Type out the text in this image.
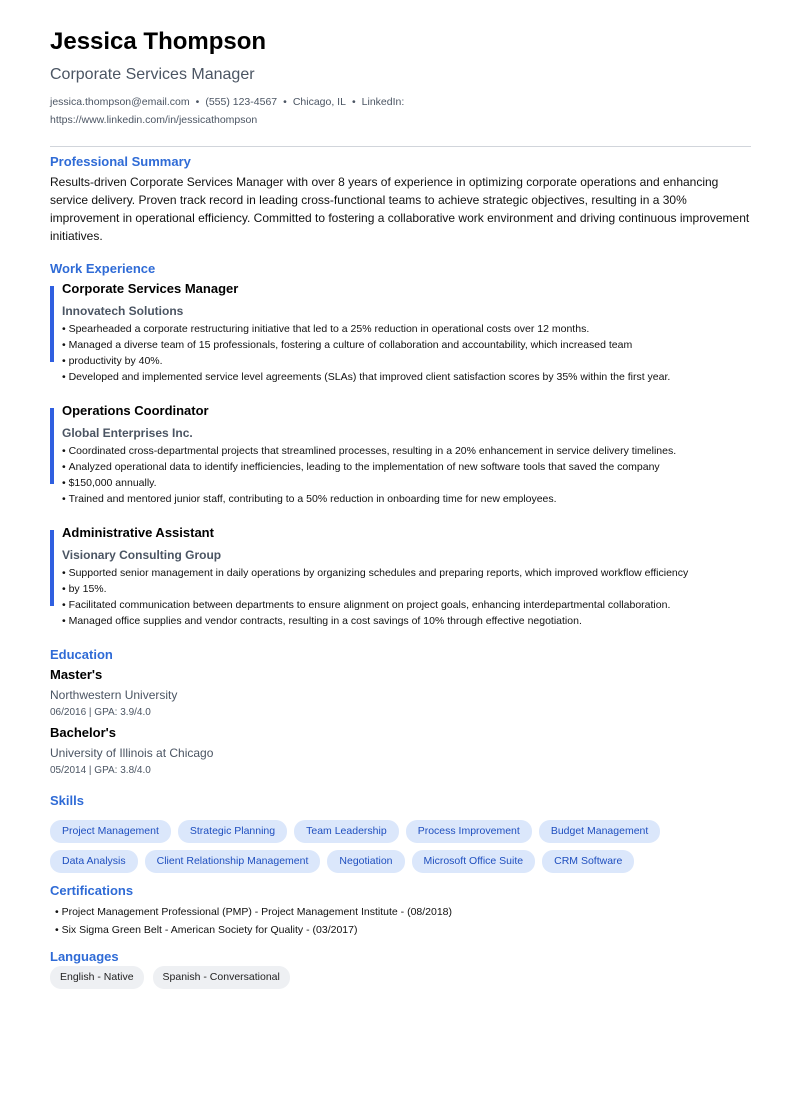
Jessica Thompson
Corporate Services Manager
jessica.thompson@email.com • (555) 123-4567 • Chicago, IL • LinkedIn:
https://www.linkedin.com/in/jessicathompson
Professional Summary

Results-driven Corporate Services Manager with over 8 years of experience in optimizing corporate operations and enhancing service delivery. Proven track record in leading cross-functional teams to achieve strategic objectives, resulting in a 30% improvement in operational efficiency. Committed to fostering a collaborative work environment and driving continuous improvement initiatives.

Work Experience
Corporate Services Manager
Innovatech Solutions
• Spearheaded a corporate restructuring initiative that led to a 25% reduction in operational costs over 12 months.
• Managed a diverse team of 15 professionals, fostering a culture of collaboration and accountability, which increased team
• productivity by 40%.
• Developed and implemented service level agreements (SLAs) that improved client satisfaction scores by 35% within the first year.
Operations Coordinator
Global Enterprises Inc.
• Coordinated cross-departmental projects that streamlined processes, resulting in a 20% enhancement in service delivery timelines.
• Analyzed operational data to identify inefficiencies, leading to the implementation of new software tools that saved the company
• $150,000 annually.
• Trained and mentored junior staff, contributing to a 50% reduction in onboarding time for new employees.
Administrative Assistant
Visionary Consulting Group
• Supported senior management in daily operations by organizing schedules and preparing reports, which improved workflow efficiency
• by 15%.
• Facilitated communication between departments to ensure alignment on project goals, enhancing interdepartmental collaboration.
• Managed office supplies and vendor contracts, resulting in a cost savings of 10% through effective negotiation.
Education
Master's
Northwestern University
06/2016 | GPA: 3.9/4.0
Bachelor's
University of Illinois at Chicago
05/2014 | GPA: 3.8/4.0
Skills
Project Management	Strategic Planning	Team Leadership	Process Improvement	Budget Management
Data Analysis	Client Relationship Management	Negotiation	Microsoft Office Suite	CRM Software
Certifications
• Project Management Professional (PMP) - Project Management Institute - (08/2018)
• Six Sigma Green Belt - American Society for Quality - (03/2017)
Languages
English - Native	Spanish - Conversational
